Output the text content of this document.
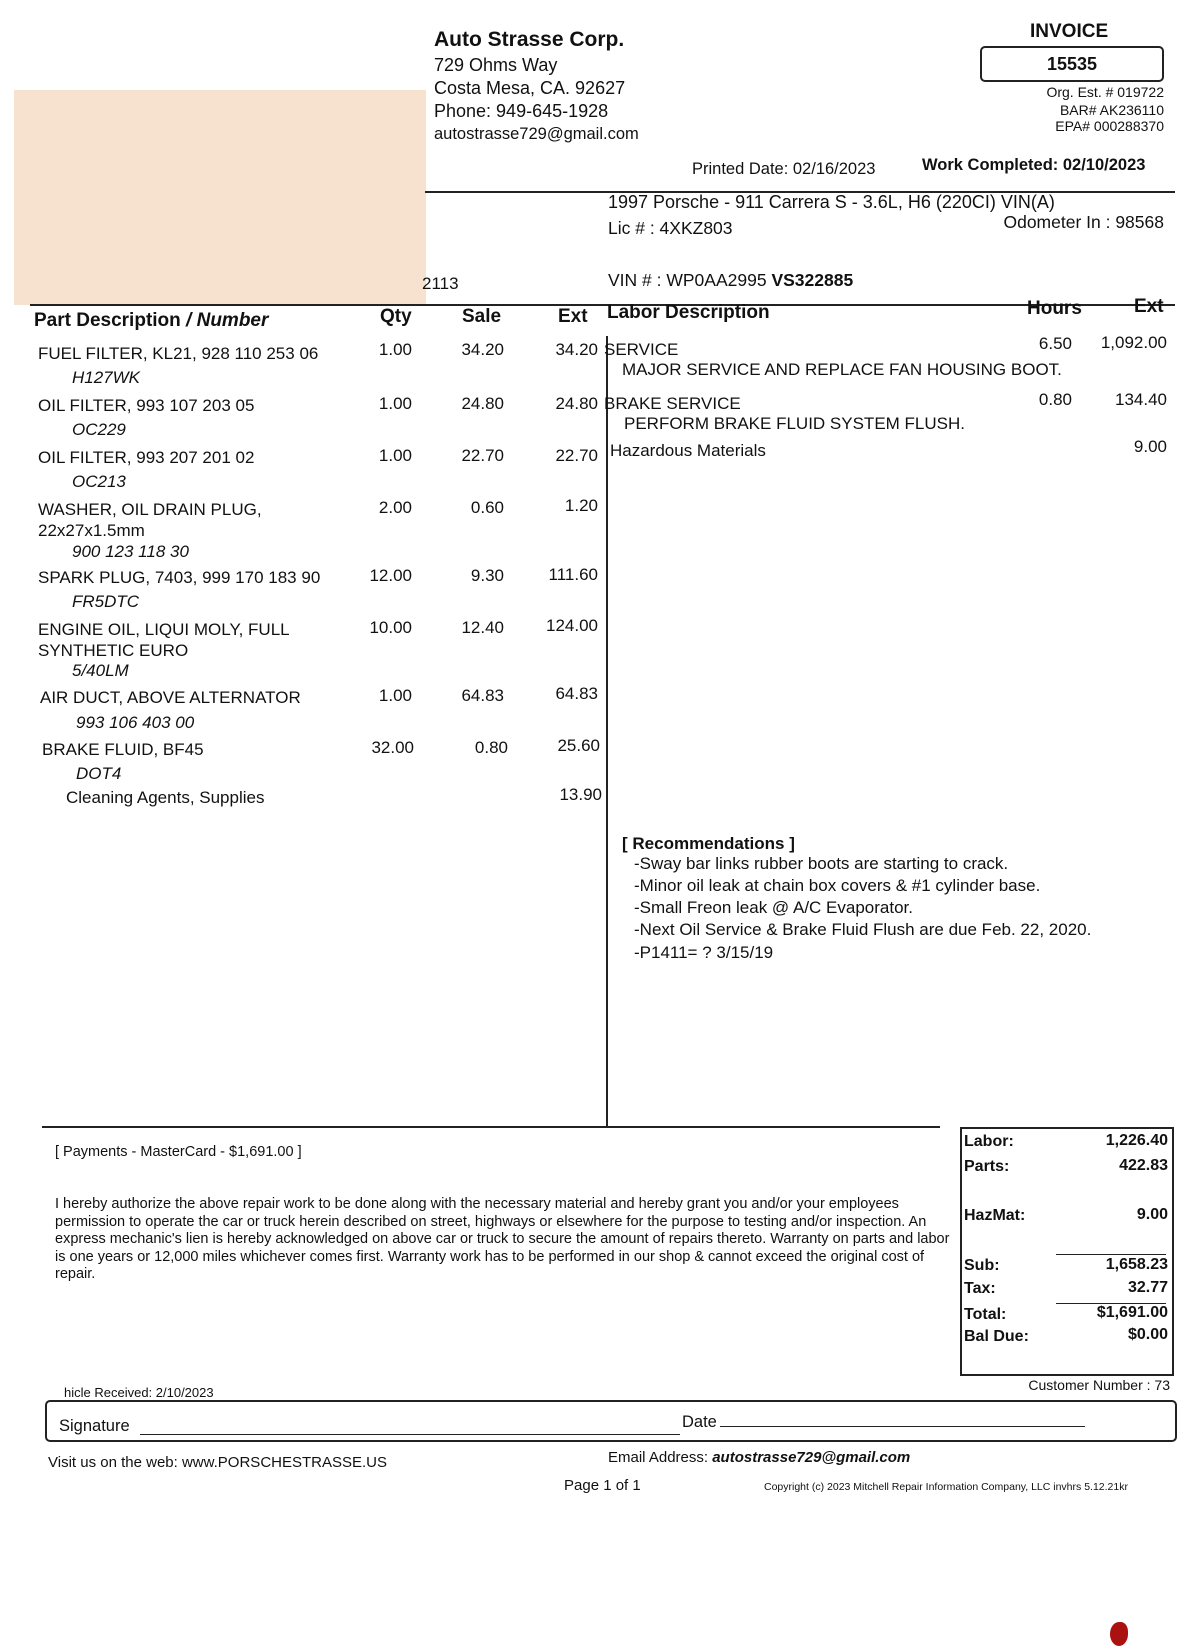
2113
Auto Strasse Corp.
729 Ohms Way
Costa Mesa, CA. 92627
Phone: 949-645-1928
autostrasse729@gmail.com
INVOICE
15535
Org. Est. # 019722
BAR# AK236110
EPA# 000288370
Printed Date: 02/16/2023	Work Completed: 02/10/2023
1997 Porsche - 911 Carrera S - 3.6L, H6 (220CI) VIN(A)
Lic # : 4XKZ803	Odometer In : 98568
VIN # : WP0AA2995 VS322885
Part Description / Number	Qty	Sale	Ext Labor Description	Hours	Ext
FUEL FILTER, KL21, 928 110 253 06
H127WK
1.00	34.20	34.20
OIL FILTER, 993 107 203 05
OC229
1.00	24.80	24.80
OIL FILTER, 993 207 201 02
OC213
1.00	22.70	22.70
WASHER, OIL DRAIN PLUG,
22x27x1.5mm
900 123 118 30
2.00	0.60	1.20
SPARK PLUG, 7403, 999 170 183 90
FR5DTC
12.00	9.30	111.60
ENGINE OIL, LIQUI MOLY, FULL
SYNTHETIC EURO
5/40LM
10.00	12.40 124.00
AIR DUCT, ABOVE ALTERNATOR
993 106 403 00
1.00	64.83	64.83
BRAKE FLUID, BF45
DOT4
32.00	0.80	25.60
Cleaning Agents, Supplies	13.90
SERVICE
MAJOR SERVICE AND REPLACE FAN HOUSING BOOT.
6.50 1,092.00
BRAKE SERVICE
PERFORM BRAKE FLUID SYSTEM FLUSH.
0.80	134.40
Hazardous Materials	9.00
[ Recommendations ]
-Sway bar links rubber boots are starting to crack.
-Minor oil leak at chain box covers & #1 cylinder base.
-Small Freon leak @ A/C Evaporator.
-Next Oil Service & Brake Fluid Flush are due Feb. 22, 2020.
-P1411= ? 3/15/19
[ Payments - MasterCard - $1,691.00 ]
I hereby authorize the above repair work to be done along with the necessary material and hereby grant you and/or your employees permission to operate the car or truck herein described on street, highways or elsewhere for the purpose to testing and/or inspection. An express mechanic's lien is hereby acknowledged on above car or truck to secure the amount of repairs thereto. Warranty on parts and labor is one years or 12,000 miles whichever comes first. Warranty work has to be performed in our shop & cannot exceed the original cost of repair.
Labor:	1,226.40
Parts:	422.83
HazMat:	9.00
Sub:	1,658.23
Tax:	32.77
Total:	$1,691.00
Bal Due:	$0.00
Customer Number : 73
hicle Received: 2/10/2023
Signature	Date
Visit us on the web: www.PORSCHESTRASSE.US	Email Address: autostrasse729@gmail.com
Page 1 of 1	Copyright (c) 2023 Mitchell Repair Information Company, LLC invhrs 5.12.21kr
